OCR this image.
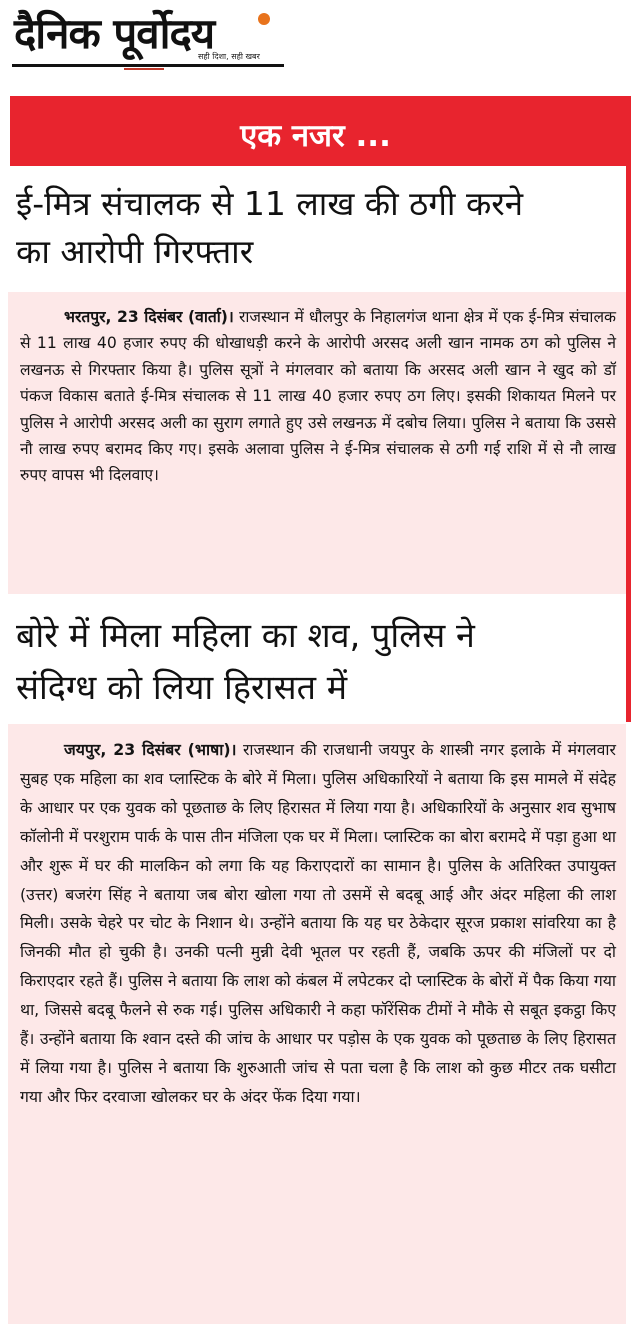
दैनिक पूर्वोदय
सही दिशा, सही खबर
एक नजर ...
ई-मित्र संचालक से 11 लाख की ठगी करने
का आरोपी गिरफ्तार

भरतपुर, 23 दिसंबर (वार्ता)। राजस्थान में धौलपुर के निहालगंज थाना क्षेत्र में एक ई-मित्र संचालक से 11 लाख 40 हजार रुपए की धोखाधड़ी करने के आरोपी अरसद अली खान नामक ठग को पुलिस ने लखनऊ से गिरफ्तार किया है। पुलिस सूत्रों ने मंगलवार को बताया कि अरसद अली खान ने खुद को डॉ पंकज विकास बताते ई-मित्र संचालक से 11 लाख 40 हजार रुपए ठग लिए। इसकी शिकायत मिलने पर पुलिस ने आरोपी अरसद अली का सुराग लगाते हुए उसे लखनऊ में दबोच लिया। पुलिस ने बताया कि उससे नौ लाख रुपए बरामद किए गए। इसके अलावा पुलिस ने ई-मित्र संचालक से ठगी गई राशि में से नौ लाख रुपए वापस भी दिलवाए।

बोरे में मिला महिला का शव, पुलिस ने
संदिग्ध को लिया हिरासत में

जयपुर, 23 दिसंबर (भाषा)। राजस्थान की राजधानी जयपुर के शास्त्री नगर इलाके में मंगलवार सुबह एक महिला का शव प्लास्टिक के बोरे में मिला। पुलिस अधिकारियों ने बताया कि इस मामले में संदेह के आधार पर एक युवक को पूछताछ के लिए हिरासत में लिया गया है। अधिकारियों के अनुसार शव सुभाष कॉलोनी में परशुराम पार्क के पास तीन मंजिला एक घर में मिला। प्लास्टिक का बोरा बरामदे में पड़ा हुआ था और शुरू में घर की मालकिन को लगा कि यह किराएदारों का सामान है। पुलिस के अतिरिक्त उपायुक्त (उत्तर) बजरंग सिंह ने बताया जब बोरा खोला गया तो उसमें से बदबू आई और अंदर महिला की लाश मिली। उसके चेहरे पर चोट के निशान थे। उन्होंने बताया कि यह घर ठेकेदार सूरज प्रकाश सांवरिया का है जिनकी मौत हो चुकी है। उनकी पत्नी मुन्नी देवी भूतल पर रहती हैं, जबकि ऊपर की मंजिलों पर दो किराएदार रहते हैं। पुलिस ने बताया कि लाश को कंबल में लपेटकर दो प्लास्टिक के बोरों में पैक किया गया था, जिससे बदबू फैलने से रुक गई। पुलिस अधिकारी ने कहा फॉरेंसिक टीमों ने मौके से सबूत इकट्ठा किए हैं। उन्होंने बताया कि श्वान दस्ते की जांच के आधार पर पड़ोस के एक युवक को पूछताछ के लिए हिरासत में लिया गया है। पुलिस ने बताया कि शुरुआती जांच से पता चला है कि लाश को कुछ मीटर तक घसीटा गया और फिर दरवाजा खोलकर घर के अंदर फेंक दिया गया।
